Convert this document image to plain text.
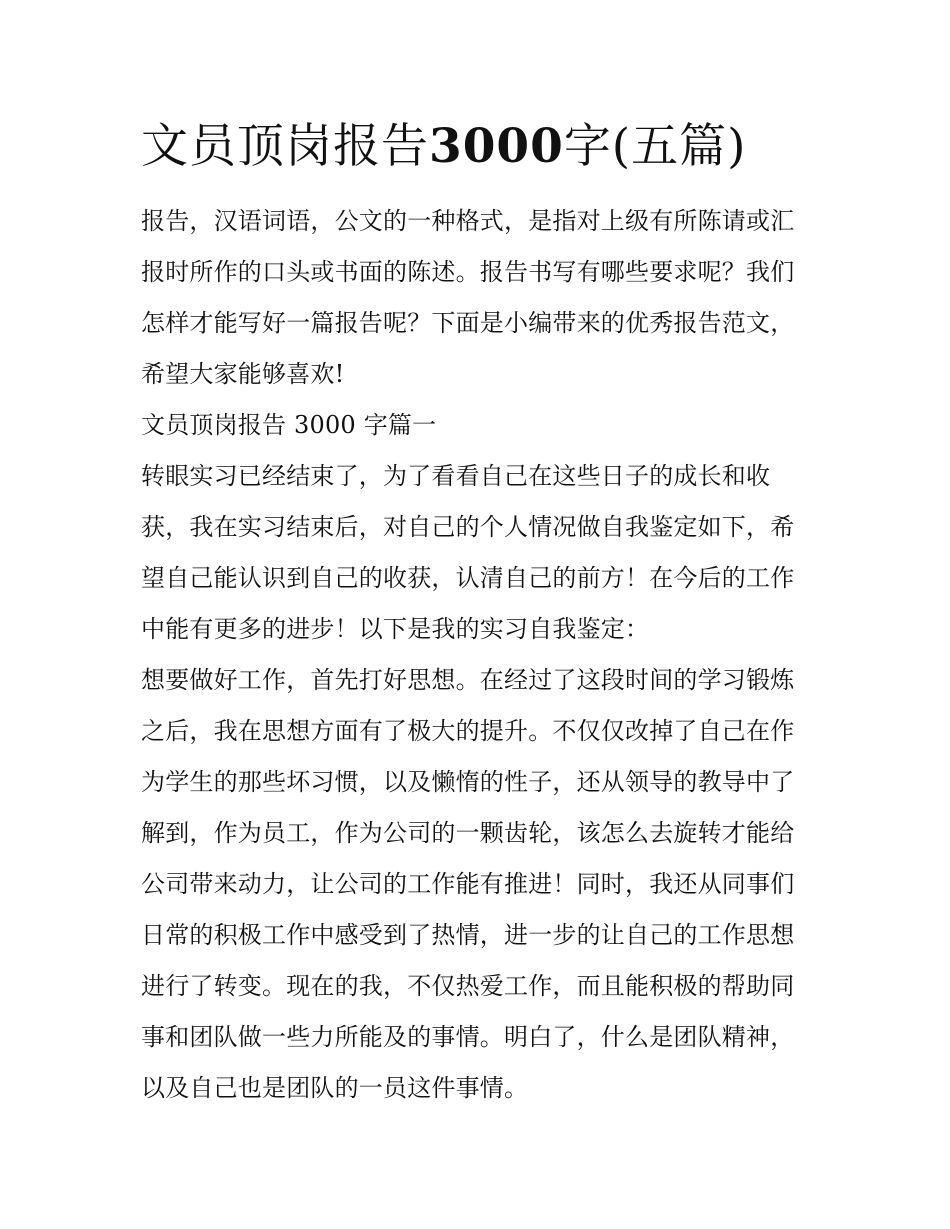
文员顶岗报告3000字(五篇)
报告，汉语词语，公文的一种格式，是指对上级有所陈请或汇
报时所作的口头或书面的陈述。报告书写有哪些要求呢？我们
怎样才能写好一篇报告呢？下面是小编带来的优秀报告范文，
希望大家能够喜欢!
文员顶岗报告 3000 字篇一
转眼实习已经结束了，为了看看自己在这些日子的成长和收
获，我在实习结束后，对自己的个人情况做自我鉴定如下，希
望自己能认识到自己的收获，认清自己的前方！在今后的工作
中能有更多的进步！以下是我的实习自我鉴定：
想要做好工作，首先打好思想。在经过了这段时间的学习锻炼
之后，我在思想方面有了极大的提升。不仅仅改掉了自己在作
为学生的那些坏习惯，以及懒惰的性子，还从领导的教导中了
解到，作为员工，作为公司的一颗齿轮，该怎么去旋转才能给
公司带来动力，让公司的工作能有推进！同时，我还从同事们
日常的积极工作中感受到了热情，进一步的让自己的工作思想
进行了转变。现在的我，不仅热爱工作，而且能积极的帮助同
事和团队做一些力所能及的事情。明白了，什么是团队精神，
以及自己也是团队的一员这件事情。
